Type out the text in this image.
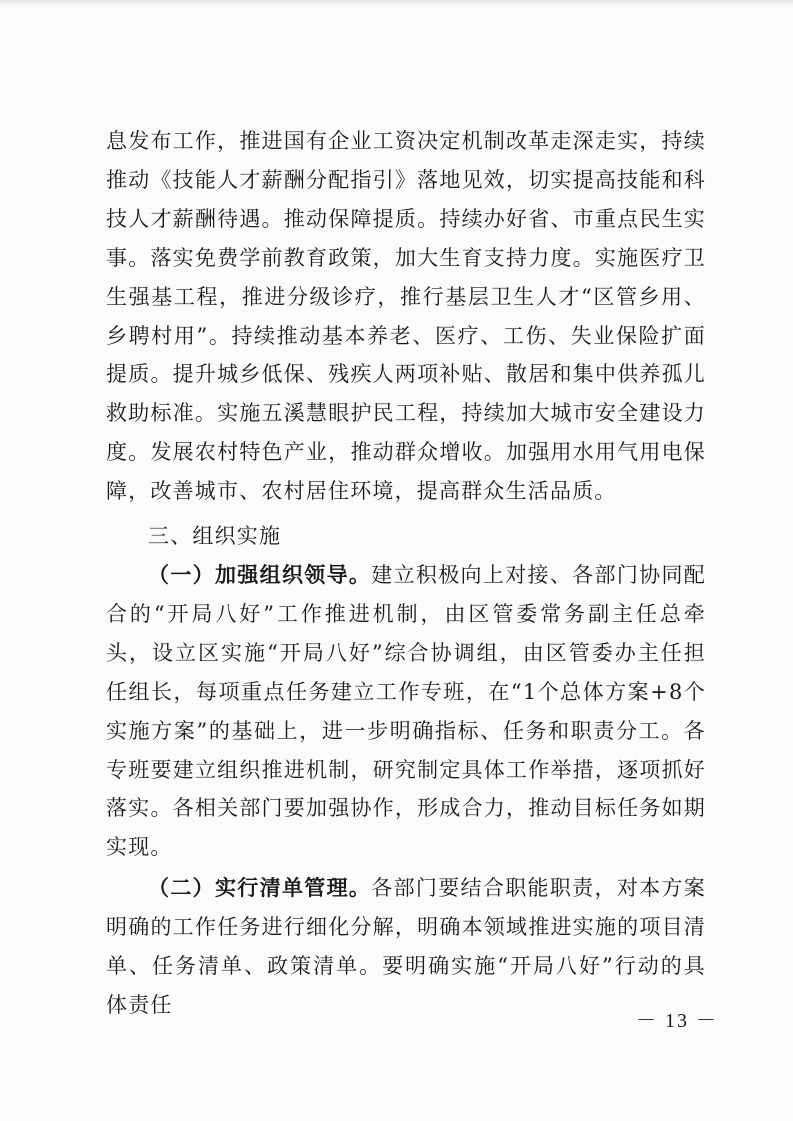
息发布工作，推进国有企业工资决定机制改革走深走实，持续推动《技能人才薪酬分配指引》落地见效，切实提高技能和科技人才薪酬待遇。推动保障提质。持续办好省、市重点民生实事。落实免费学前教育政策，加大生育支持力度。实施医疗卫生强基工程，推进分级诊疗，推行基层卫生人才“区管乡用、乡聘村用”。持续推动基本养老、医疗、工伤、失业保险扩面提质。提升城乡低保、残疾人两项补贴、散居和集中供养孤儿救助标准。实施五溪慧眼护民工程，持续加大城市安全建设力度。发展农村特色产业，推动群众增收。加强用水用气用电保障，改善城市、农村居住环境，提高群众生活品质。

三、组织实施

（一）加强组织领导。建立积极向上对接、各部门协同配合的“开局八好”工作推进机制，由区管委常务副主任总牵头，设立区实施“开局八好”综合协调组，由区管委办主任担任组长，每项重点任务建立工作专班，在“1个总体方案+8个实施方案”的基础上，进一步明确指标、任务和职责分工。各专班要建立组织推进机制，研究制定具体工作举措，逐项抓好落实。各相关部门要加强协作，形成合力，推动目标任务如期实现。

（二）实行清单管理。各部门要结合职能职责，对本方案明确的工作任务进行细化分解，明确本领域推进实施的项目清单、任务清单、政策清单。要明确实施“开局八好”行动的具体责任

－ 13 －
